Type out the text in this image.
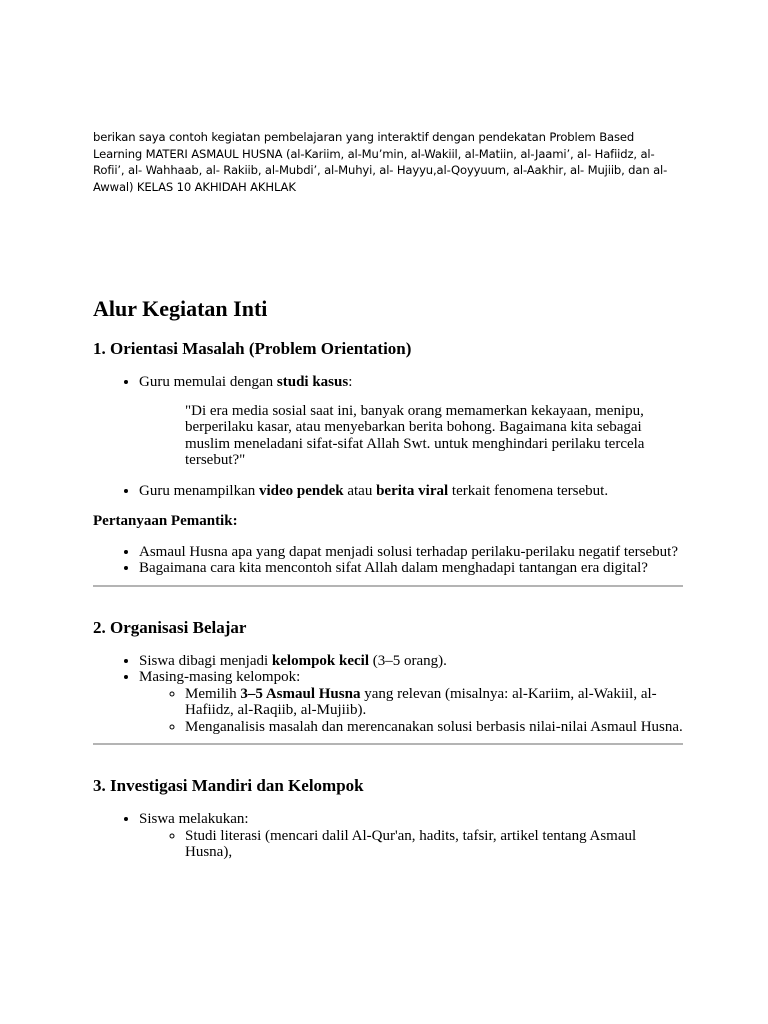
berikan saya contoh kegiatan pembelajaran yang interaktif dengan pendekatan Problem Based Learning MATERI ASMAUL HUSNA (al-Kariim, al-Mu’min, al-Wakiil, al-Matiin, al-Jaami’, al- Hafiidz, al-Rofii’, al- Wahhaab, al- Rakiib, al-Mubdi’, al-Muhyi, al- Hayyu,al-Qoyyuum, al-Aakhir, al- Mujiib, dan al-Awwal) KELAS 10 AKHIDAH AKHLAK

Alur Kegiatan Inti
1. Orientasi Masalah (Problem Orientation)
• Guru memulai dengan studi kasus:

"Di era media sosial saat ini, banyak orang memamerkan kekayaan, menipu, berperilaku kasar, atau menyebarkan berita bohong. Bagaimana kita sebagai muslim meneladani sifat-sifat Allah Swt. untuk menghindari perilaku tercela tersebut?"

• Guru menampilkan video pendek atau berita viral terkait fenomena tersebut.

Pertanyaan Pemantik:

• Asmaul Husna apa yang dapat menjadi solusi terhadap perilaku-perilaku negatif tersebut?
• Bagaimana cara kita mencontoh sifat Allah dalam menghadapi tantangan era digital?
2. Organisasi Belajar
• Siswa dibagi menjadi kelompok kecil (3–5 orang).
• Masing-masing kelompok:
◦ Memilih 3–5 Asmaul Husna yang relevan (misalnya: al-Kariim, al-Wakiil, al-Hafiidz, al-Raqiib, al-Mujiib).
◦ Menganalisis masalah dan merencanakan solusi berbasis nilai-nilai Asmaul Husna.
3. Investigasi Mandiri dan Kelompok
• Siswa melakukan:
◦ Studi literasi (mencari dalil Al-Qur'an, hadits, tafsir, artikel tentang Asmaul Husna),
